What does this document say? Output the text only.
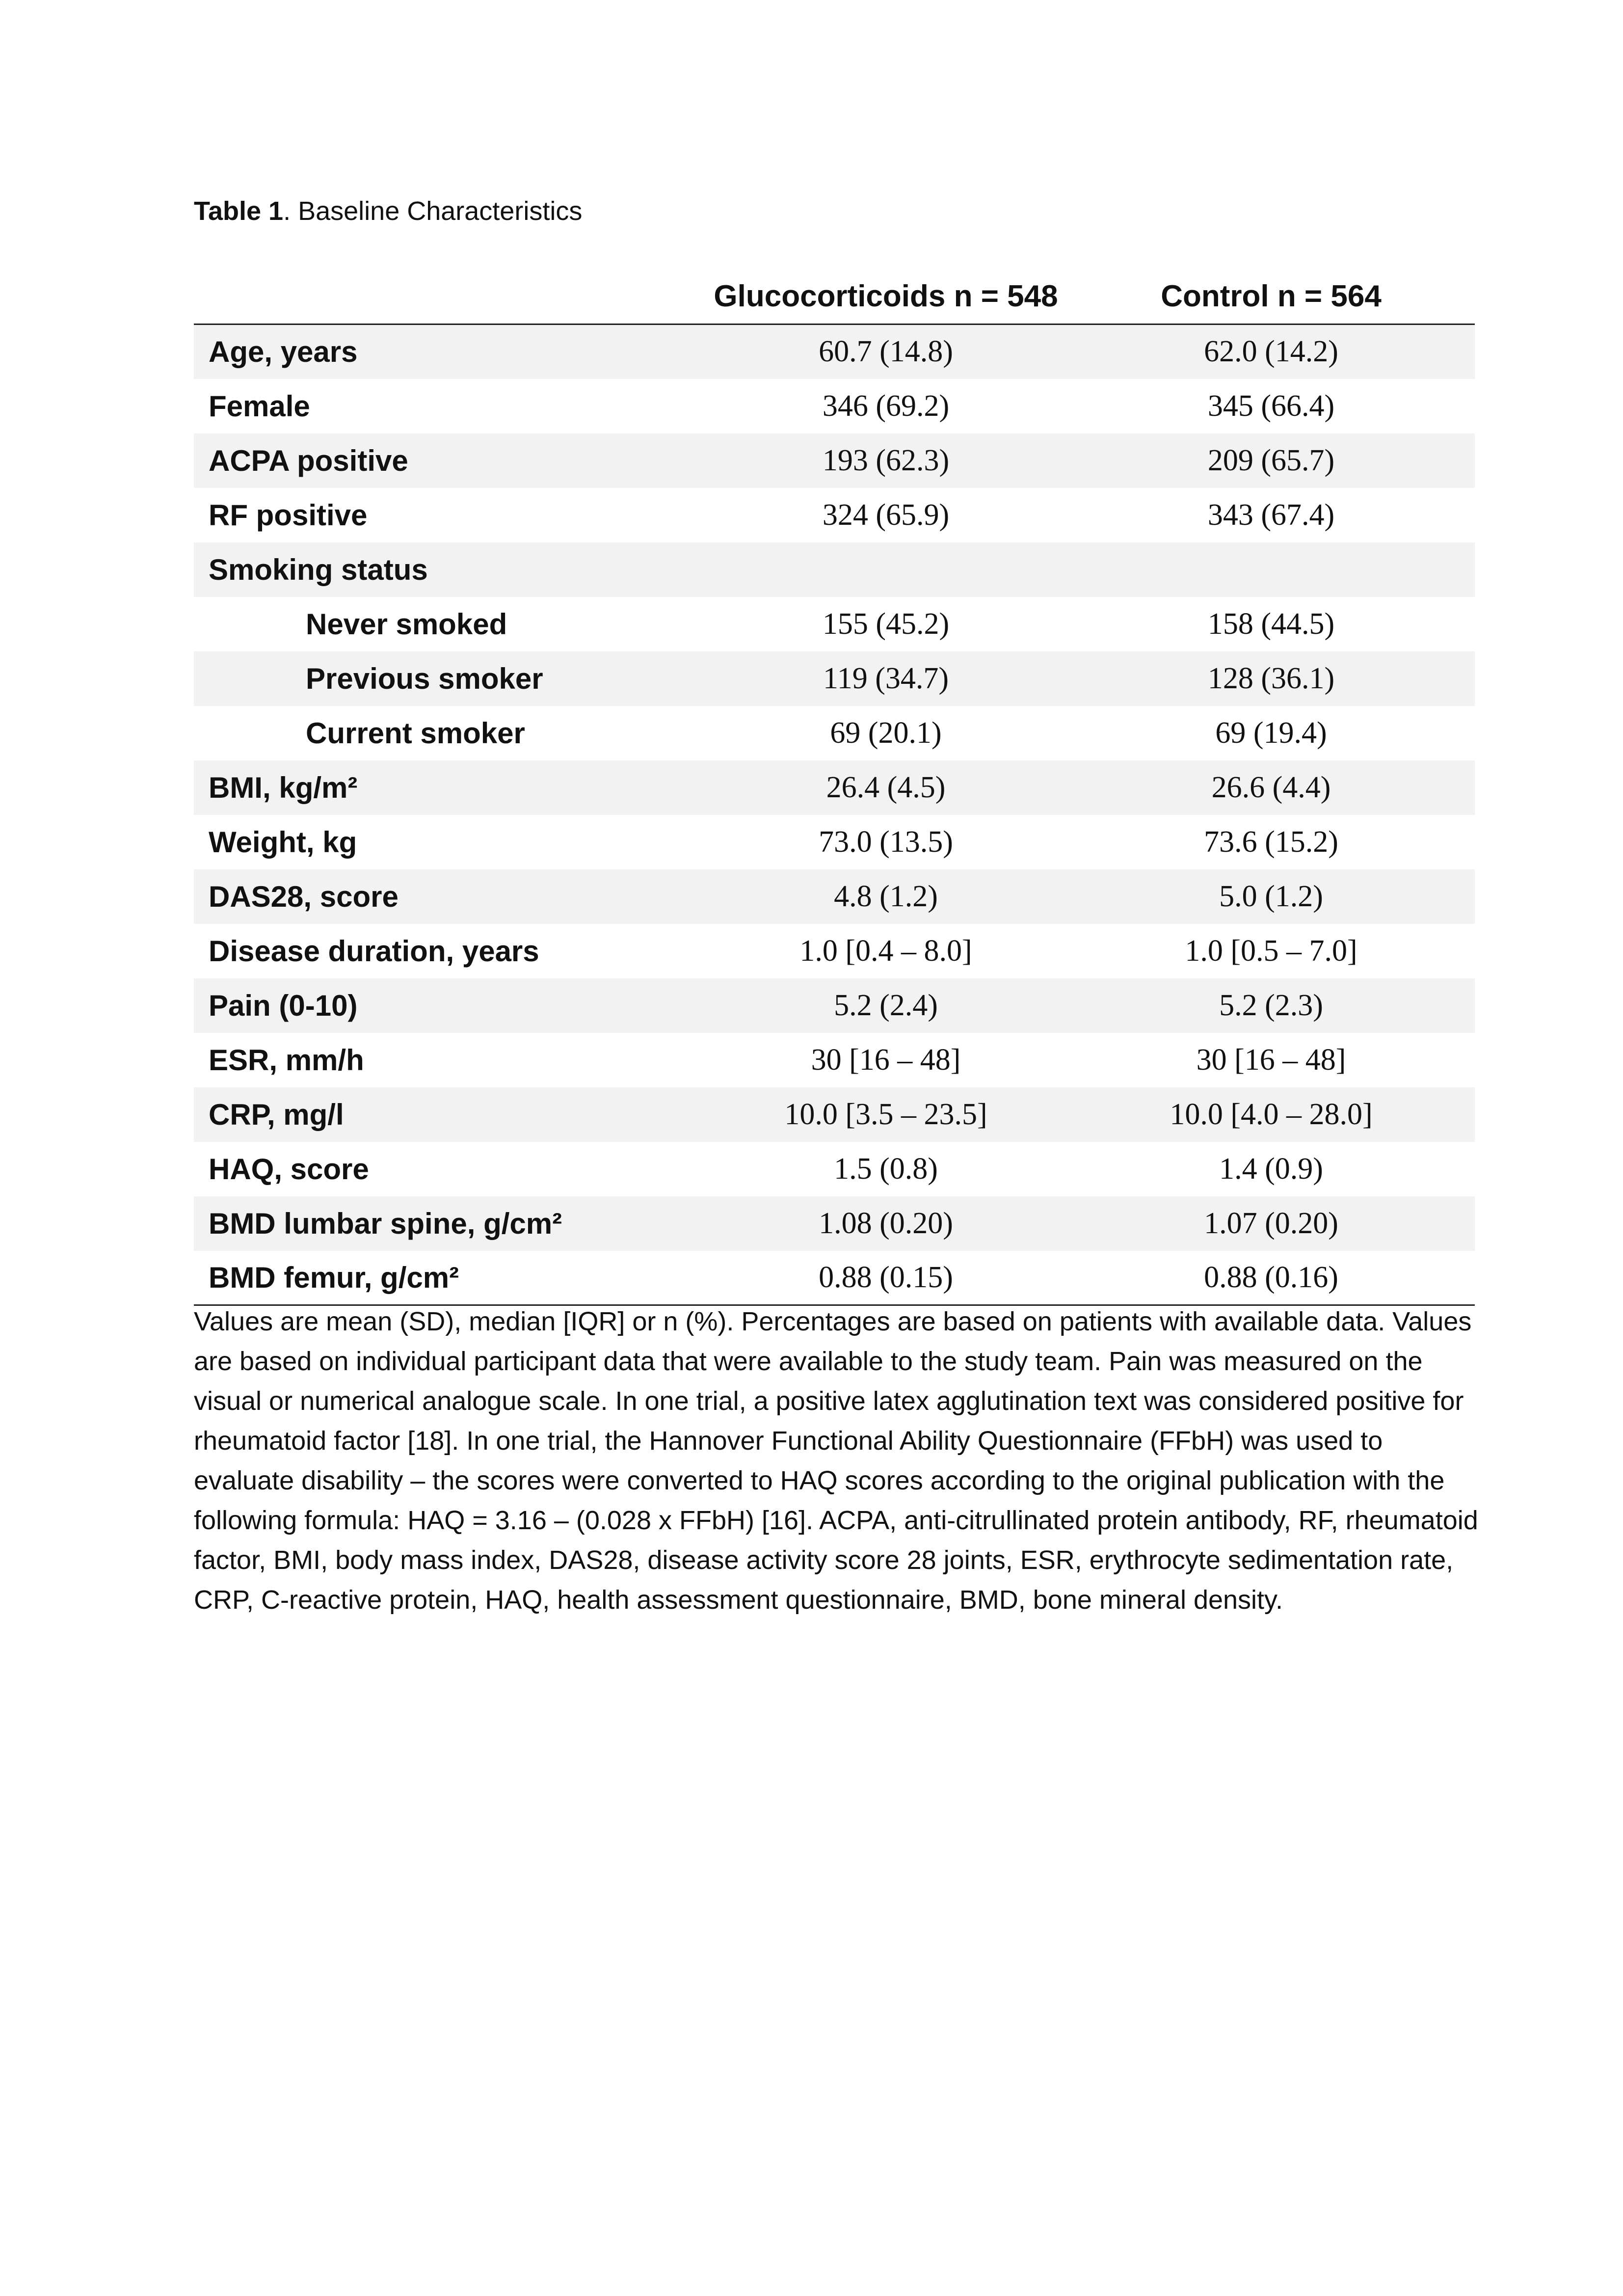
Table 1. Baseline Characteristics
	Glucocorticoids n = 548	Control n = 564
Age, years	60.7 (14.8)	62.0 (14.2)
Female	346 (69.2)	345 (66.4)
ACPA positive	193 (62.3)	209 (65.7)
RF positive	324 (65.9)	343 (67.4)
Smoking status		
Never smoked	155 (45.2)	158 (44.5)
Previous smoker	119 (34.7)	128 (36.1)
Current smoker	69 (20.1)	69 (19.4)
BMI, kg/m²	26.4 (4.5)	26.6 (4.4)
Weight, kg	73.0 (13.5)	73.6 (15.2)
DAS28, score	4.8 (1.2)	5.0 (1.2)
Disease duration, years	1.0 [0.4 – 8.0]	1.0 [0.5 – 7.0]
Pain (0-10)	5.2 (2.4)	5.2 (2.3)
ESR, mm/h	30 [16 – 48]	30 [16 – 48]
CRP, mg/l	10.0 [3.5 – 23.5]	10.0 [4.0 – 28.0]
HAQ, score	1.5 (0.8)	1.4 (0.9)
BMD lumbar spine, g/cm²	1.08 (0.20)	1.07 (0.20)
BMD femur, g/cm²	0.88 (0.15)	0.88 (0.16)

Values are mean (SD), median [IQR] or n (%). Percentages are based on patients with available data. Values are based on individual participant data that were available to the study team. Pain was measured on the visual or numerical analogue scale. In one trial, a positive latex agglutination text was considered positive for rheumatoid factor [18]. In one trial, the Hannover Functional Ability Questionnaire (FFbH) was used to evaluate disability – the scores were converted to HAQ scores according to the original publication with the following formula: HAQ = 3.16 – (0.028 x FFbH) [16]. ACPA, anti-citrullinated protein antibody, RF, rheumatoid factor, BMI, body mass index, DAS28, disease activity score 28 joints, ESR, erythrocyte sedimentation rate, CRP, C-reactive protein, HAQ, health assessment questionnaire, BMD, bone mineral density.
